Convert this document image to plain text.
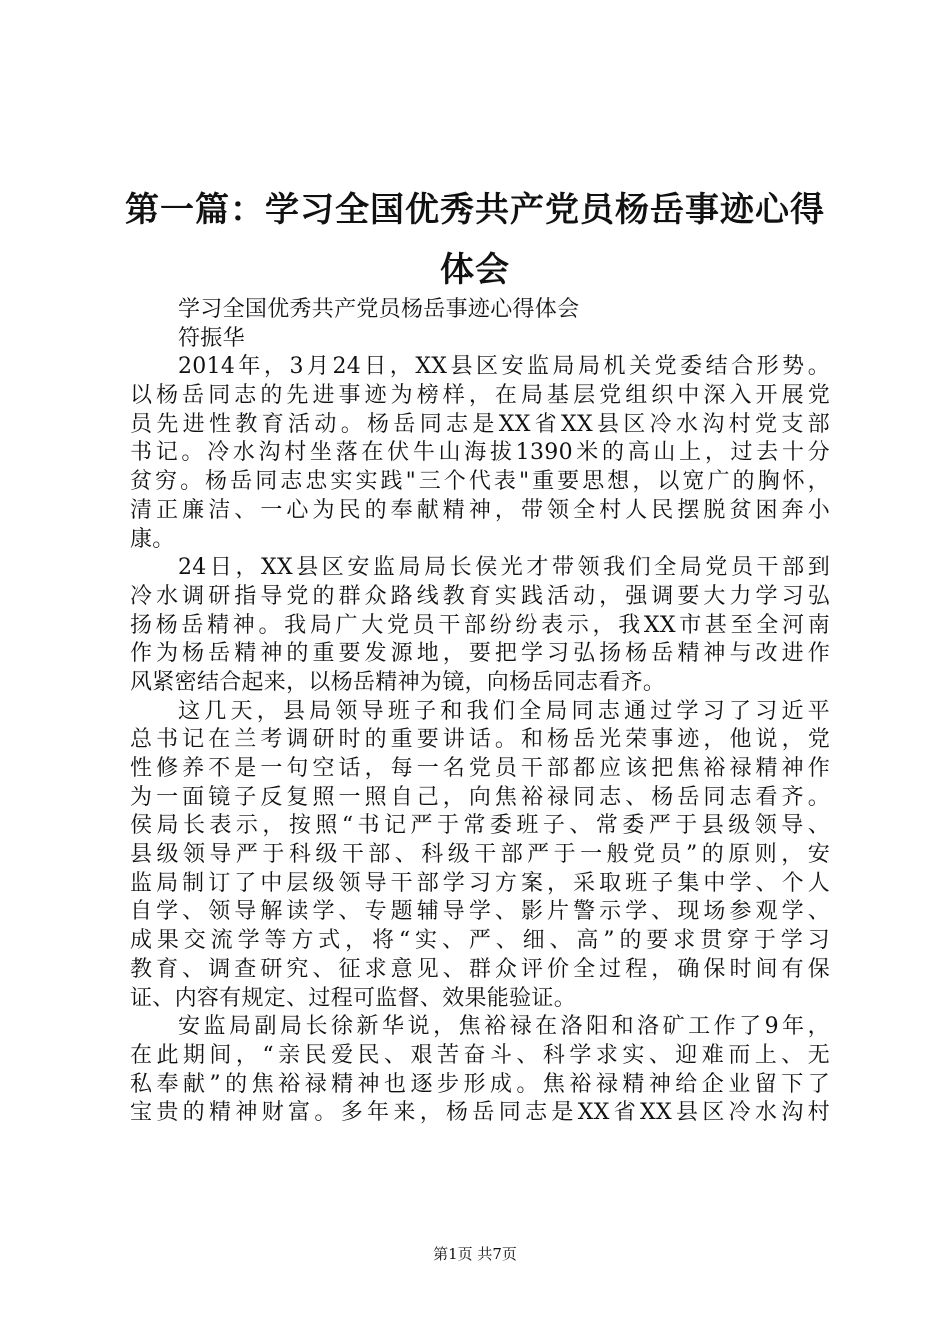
第一篇：学习全国优秀共产党员杨岳事迹心得
体会
学习全国优秀共产党员杨岳事迹心得体会
符振华
2014年，3月24日，XX县区安监局局机关党委结合形势。
以杨岳同志的先进事迹为榜样，在局基层党组织中深入开展党
员先进性教育活动。杨岳同志是XX省XX县区冷水沟村党支部
书记。冷水沟村坐落在伏牛山海拔1390米的高山上，过去十分
贫穷。杨岳同志忠实实践"三个代表"重要思想，以宽广的胸怀，
清正廉洁、一心为民的奉献精神，带领全村人民摆脱贫困奔小
康。
24日，XX县区安监局局长侯光才带领我们全局党员干部到
冷水调研指导党的群众路线教育实践活动，强调要大力学习弘
扬杨岳精神。我局广大党员干部纷纷表示，我XX市甚至全河南
作为杨岳精神的重要发源地，要把学习弘扬杨岳精神与改进作
风紧密结合起来，以杨岳精神为镜，向杨岳同志看齐。
这几天，县局领导班子和我们全局同志通过学习了习近平
总书记在兰考调研时的重要讲话。和杨岳光荣事迹，他说，党
性修养不是一句空话，每一名党员干部都应该把焦裕禄精神作
为一面镜子反复照一照自己，向焦裕禄同志、杨岳同志看齐。
侯局长表示，按照“书记严于常委班子、常委严于县级领导、
县级领导严于科级干部、科级干部严于一般党员”的原则，安
监局制订了中层级领导干部学习方案，采取班子集中学、个人
自学、领导解读学、专题辅导学、影片警示学、现场参观学、
成果交流学等方式，将“实、严、细、高”的要求贯穿于学习
教育、调查研究、征求意见、群众评价全过程，确保时间有保
证、内容有规定、过程可监督、效果能验证。
安监局副局长徐新华说，焦裕禄在洛阳和洛矿工作了9年，
在此期间，“亲民爱民、艰苦奋斗、科学求实、迎难而上、无
私奉献”的焦裕禄精神也逐步形成。焦裕禄精神给企业留下了
宝贵的精神财富。多年来，杨岳同志是XX省XX县区冷水沟村
第1页 共7页
